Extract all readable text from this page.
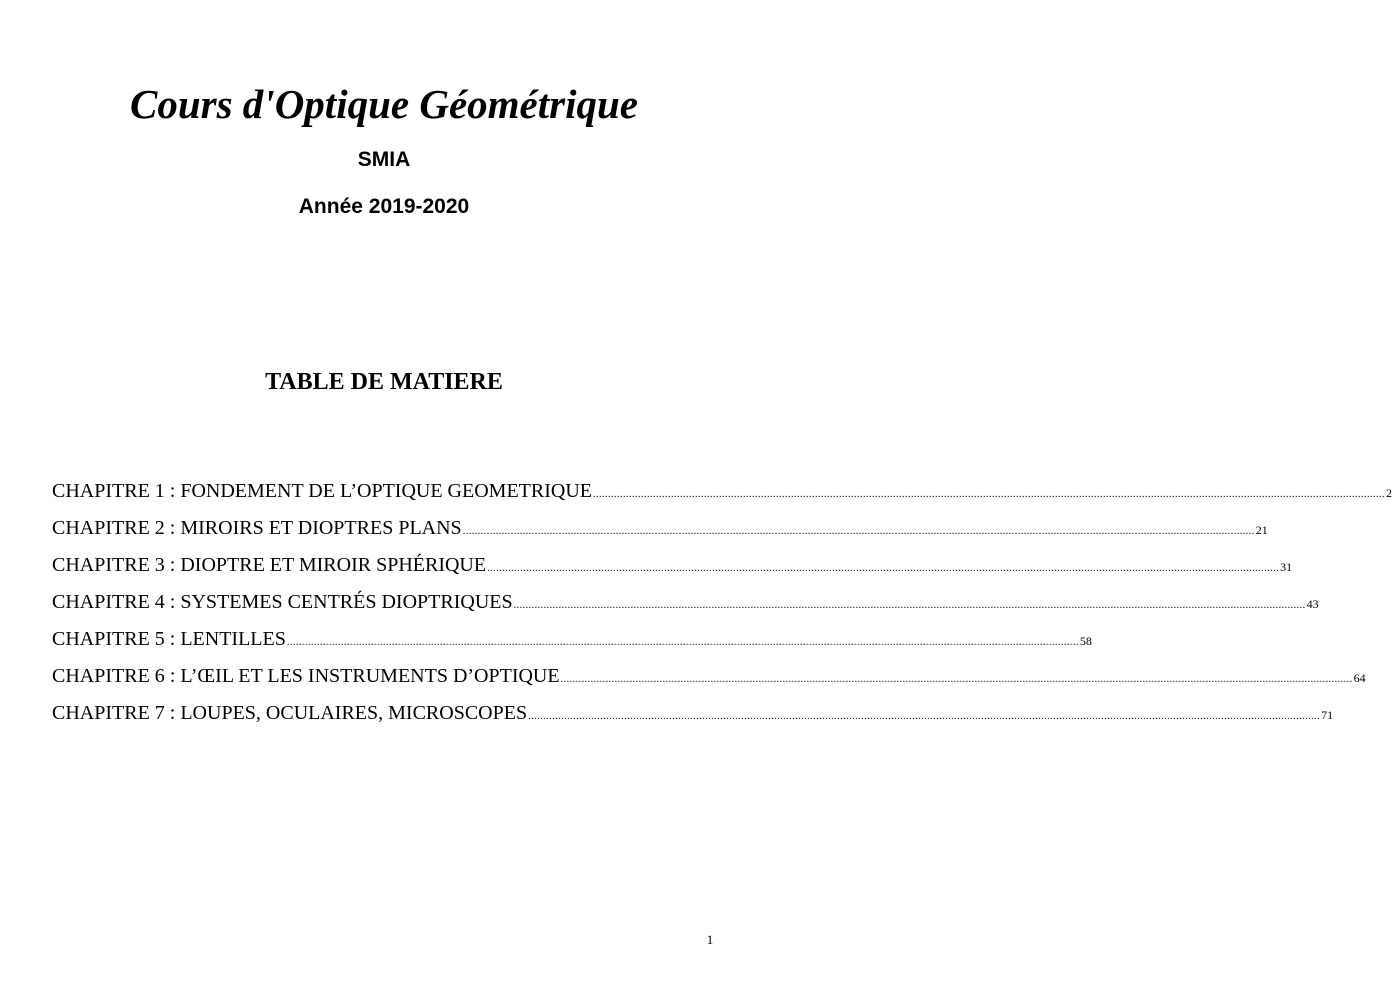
Cours d'Optique Géométrique
SMIA
Année 2019-2020
TABLE DE MATIERE
CHAPITRE 1 : FONDEMENT DE L’OPTIQUE GEOMETRIQUE .....	2
CHAPITRE 2 : MIROIRS ET DIOPTRES PLANS .....	21
CHAPITRE 3 : DIOPTRE ET MIROIR SPHÉRIQUE .....	31
CHAPITRE 4 : SYSTEMES CENTRÉS DIOPTRIQUES .....	43
CHAPITRE 5 : LENTILLES .....	58
CHAPITRE 6 : L’ŒIL ET LES INSTRUMENTS D’OPTIQUE .....	64
CHAPITRE 7 : LOUPES, OCULAIRES, MICROSCOPES .....	71
1
